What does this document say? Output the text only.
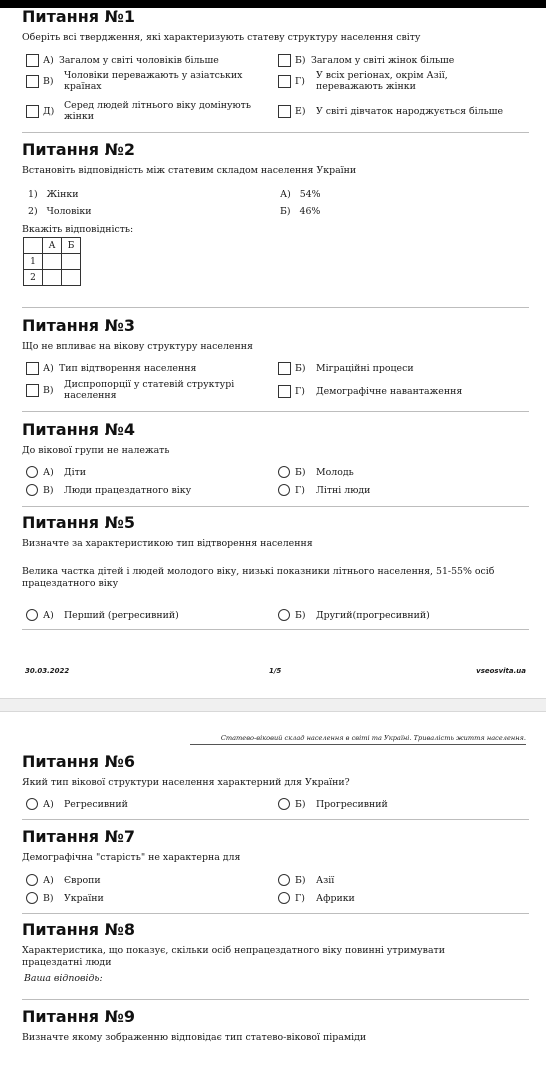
Питання №1
Оберіть всі твердження, які характеризують статеву структуру населення світу
А) Загалом у світі чоловіків більше	Б) Загалом у світі жінок більше
В)	Чоловіки переважають у азіатських країнах	Г)	У всіх регіонах, окрім Азії, переважають жінки
Д)	Серед людей літнього віку домінують жінки	Е)	У світі дівчаток народжується більше
Питання №2
Встановіть відповідність між статевим складом населення України
1) Жінки
2) Чоловіки
А) 54%
Б) 46%
Вкажіть відповідність:
	А	Б
1		
2		
Питання №3
Що не впливає на вікову структуру населення
А) Тип відтворення населення	Б)	Міграційні процеси
В)	Диспропорції у статевій структурі населення	Г)	Демографічне навантаження
Питання №4
До вікової групи не належать
А)	Діти	Б)	Молодь
В)	Люди працездатного віку	Г)	Літні люди
Питання №5
Визначте за характеристикою тип відтворення населення
Велика частка дітей і людей молодого віку, низькі показники літнього населення, 51-55% осіб працездатного віку
А)	Перший (регресивний)	Б)	Другий(прогресивний)
30.03.2022	1/5	vseosvita.ua
Статево-віковий склад населення в світі та Україні. Тривалість життя населення.
Питання №6
Який тип вікової структури населення характерний для України?
А)	Регресивний	Б)	Прогресивний
Питання №7
Демографічна "старість" не характерна для
А)	Європи	Б)	Азії
В)	України	Г)	Африки
Питання №8
Характеристика, що показує, скільки осіб непрацездатного віку повинні утримувати працездатні люди
Ваша відповідь:
Питання №9
Визначте якому зображенню відповідає тип статево-вікової піраміди
